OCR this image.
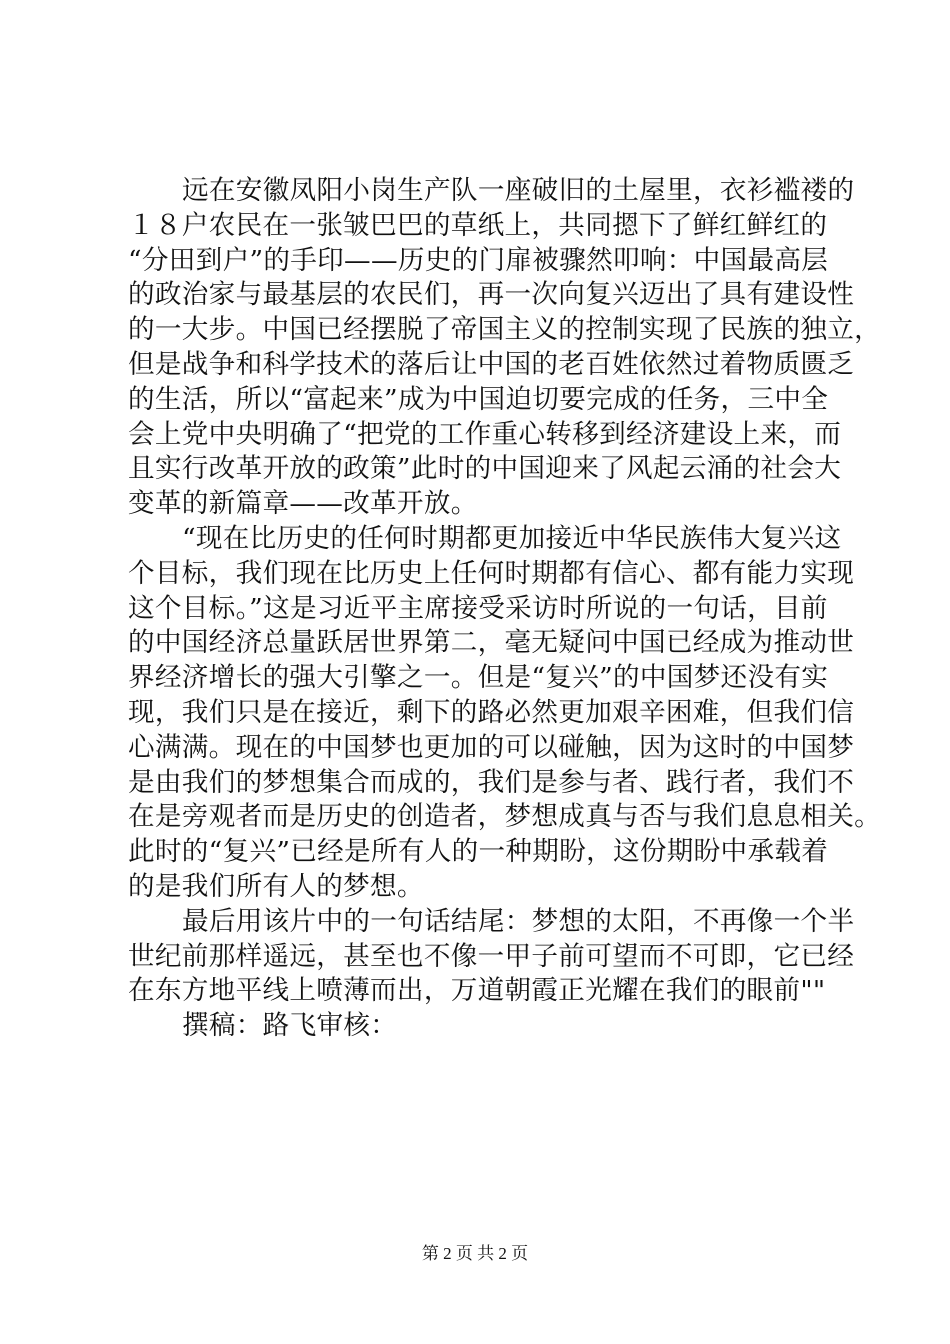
远在安徽凤阳小岗生产队一座破旧的土屋里，衣衫褴褛的
１８户农民在一张皱巴巴的草纸上，共同摁下了鲜红鲜红的
“分田到户”的手印——历史的门扉被骤然叩响：中国最高层
的政治家与最基层的农民们，再一次向复兴迈出了具有建设性
的一大步。中国已经摆脱了帝国主义的控制实现了民族的独立，
但是战争和科学技术的落后让中国的老百姓依然过着物质匮乏
的生活，所以“富起来”成为中国迫切要完成的任务，三中全
会上党中央明确了“把党的工作重心转移到经济建设上来，而
且实行改革开放的政策”此时的中国迎来了风起云涌的社会大
变革的新篇章——改革开放。

“现在比历史的任何时期都更加接近中华民族伟大复兴这
个目标，我们现在比历史上任何时期都有信心、都有能力实现
这个目标。”这是习近平主席接受采访时所说的一句话，目前
的中国经济总量跃居世界第二，毫无疑问中国已经成为推动世
界经济增长的强大引擎之一。但是“复兴”的中国梦还没有实
现，我们只是在接近，剩下的路必然更加艰辛困难，但我们信
心满满。现在的中国梦也更加的可以碰触，因为这时的中国梦
是由我们的梦想集合而成的，我们是参与者、践行者，我们不
在是旁观者而是历史的创造者，梦想成真与否与我们息息相关。
此时的“复兴”已经是所有人的一种期盼，这份期盼中承载着
的是我们所有人的梦想。

最后用该片中的一句话结尾：梦想的太阳，不再像一个半
世纪前那样遥远，甚至也不像一甲子前可望而不可即，它已经
在东方地平线上喷薄而出，万道朝霞正光耀在我们的眼前""

撰稿：路飞审核：

第 2 页 共 2 页
